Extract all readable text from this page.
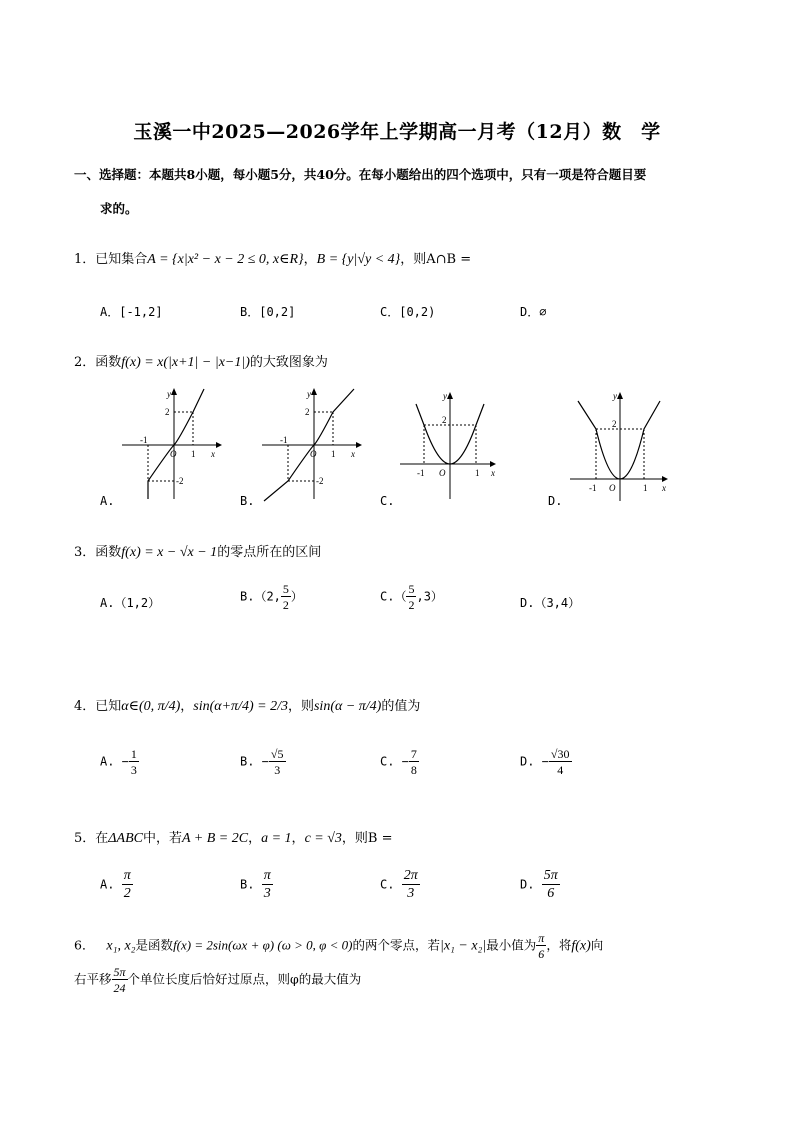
玉溪一中2025—2026学年上学期高一月考（12月）数　学
一、选择题：本题共8小题，每小题5分，共40分。在每小题给出的四个选项中，只有一项是符合题目要
求的。
1．已知集合A = {x|x² − x − 2 ≤ 0, x∈R}，B = {y|√y < 4}，则A∩B =
A．[-1,2]	B．[0,2]	C．[0,2)	D．∅
2．函数f(x) = x(|x+1| − |x−1|)的大致图象为
y
x
2
-2
-1
1
O
A.
y
x
2
-2
-1
1
O
B.
y
x
2
-1	1
O
C.
y
x
2
-1	1
O
D.
3．函数f(x) = x − √x − 1的零点所在的区间
A.（1,2）	B.（2, $\frac{5}{2}$ ）	$C.( \frac{5}{2} ,3)$	D.（3,4）
4．已知α∈(0, π/4)，sin(α+π/4) = 2/3，则sin(α − π/4)的值为
A. − $\frac{1}{3}$	B. − $\frac{√5}{3}$	C. − $\frac{7}{8}$	D. − $\frac{√30}{4}$
5．在ΔABC中，若A + B = 2C，a = 1，c = √3，则B =
A. $\frac{\pi}{2}$	B. $\frac{\pi}{3}$	C. $\frac{2\pi}{3}$	D. $\frac{5\pi}{6}$
6． x₁, x₂是函数f(x) = 2sin(ωx + φ) (ω > 0, φ < 0)的两个零点，若|x₁ − x₂|最小值为 $\frac{\pi}{6}$ ，将f(x)向
右平移 $\frac{5\pi}{24}$ 个单位长度后恰好过原点，则φ的最大值为
